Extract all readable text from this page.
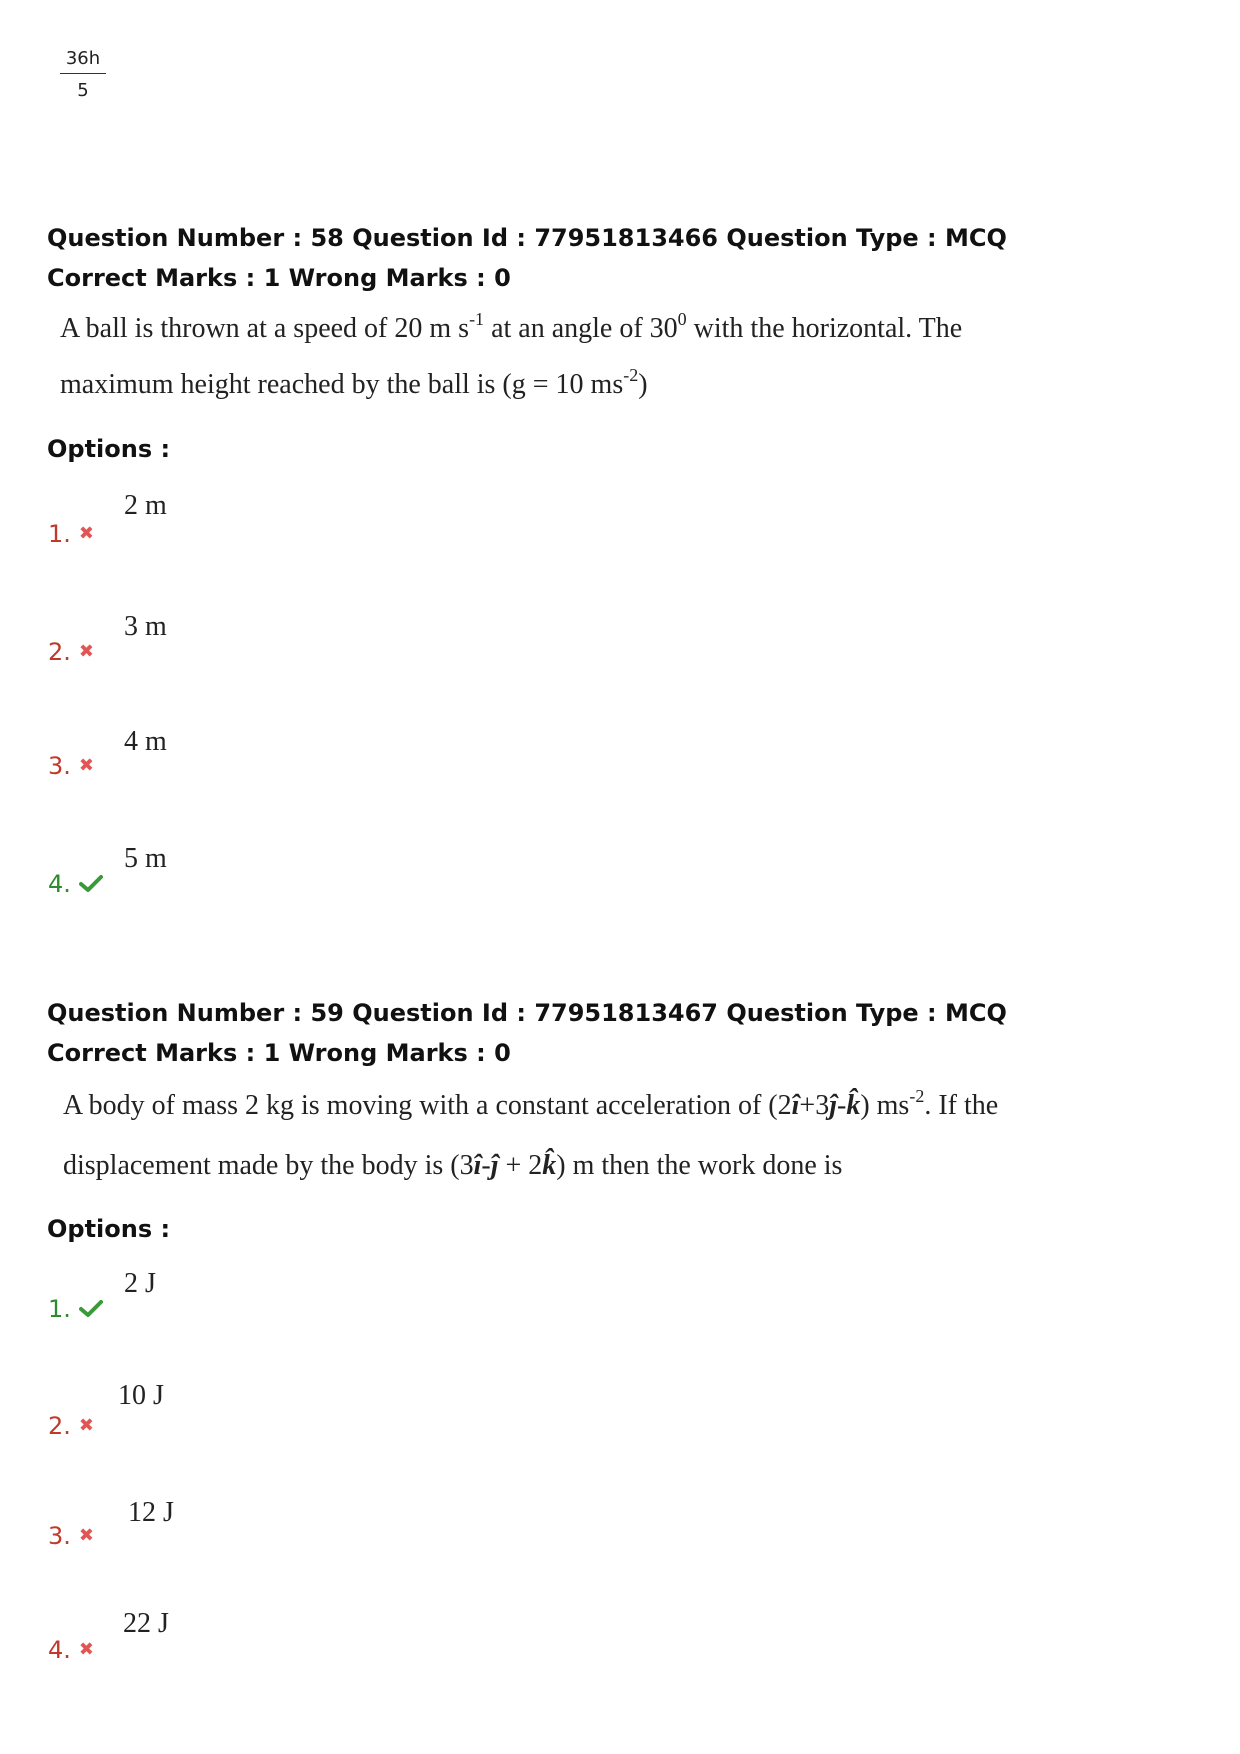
36h
5
Question Number : 58 Question Id : 77951813466 Question Type : MCQ
Correct Marks : 1 Wrong Marks : 0
A ball is thrown at a speed of 20 m $s^{-1}$ at an angle of $30^0$ with the horizontal. The
maximum height reached by the ball is (g = 10 $ms^{-2}$)
Options :
2 m
1. ✖
3 m
2. ✖
4 m
3. ✖
5 m
4.
Question Number : 59 Question Id : 77951813467 Question Type : MCQ
Correct Marks : 1 Wrong Marks : 0
A body of mass 2 kg is moving with a constant acceleration of (2î+3ĵ-k̂) $ms^{-2}$. If the
displacement made by the body is (3î-ĵ + 2k̂) m then the work done is
Options :
2 J
1.
10 J
2. ✖
12 J
3. ✖
22 J
4. ✖
